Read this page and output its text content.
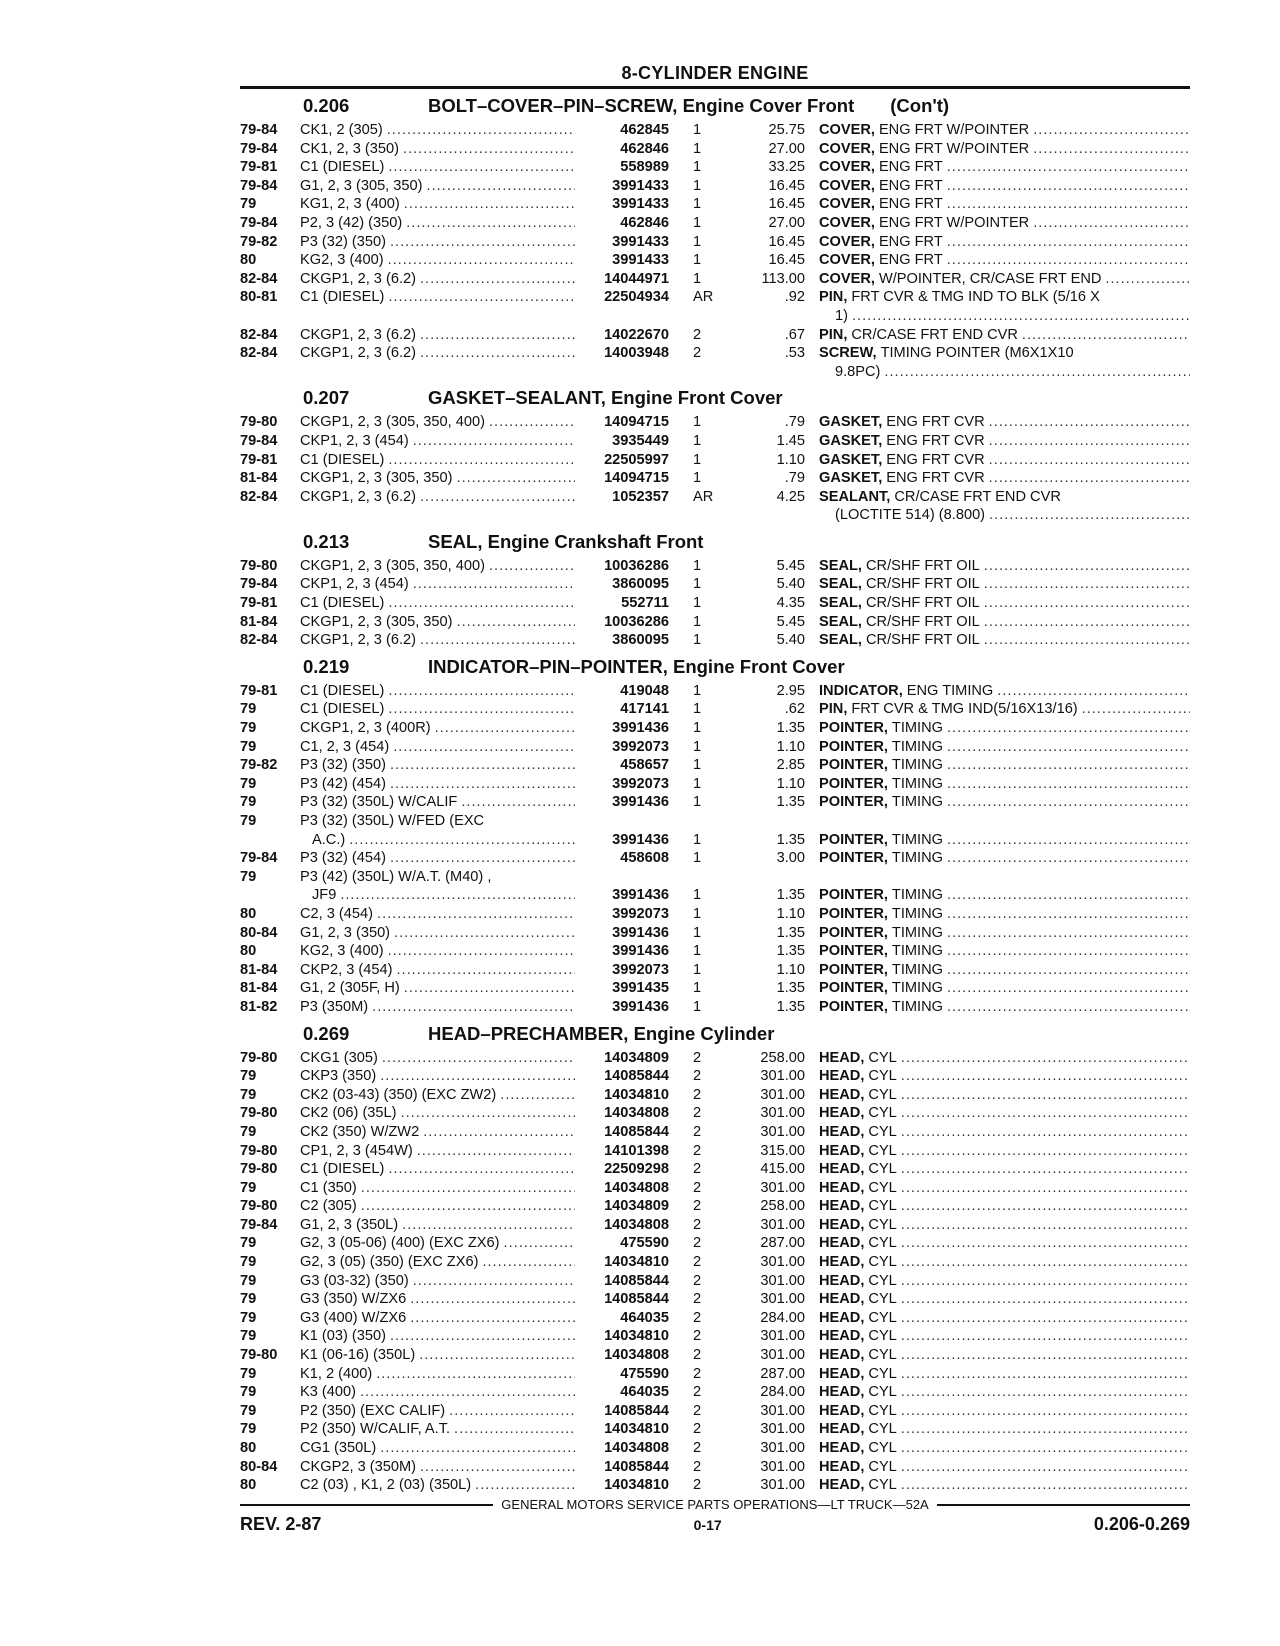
8-CYLINDER ENGINE
0.206	BOLT–COVER–PIN–SCREW, Engine Cover Front (Con't)
79-84	CK1, 2 (305) .....	462845	1	25.75 COVER, ENG FRT W/POINTER
.....
79-84	CK1, 2, 3 (350) .....	462846	1	27.00 COVER, ENG FRT W/POINTER
.....
79-81	C1 (DIESEL) .....	558989	1	33.25 COVER, ENG FRT
.....
79-84	G1, 2, 3 (305, 350) .....	3991433	1	16.45 COVER, ENG FRT
.....
79	KG1, 2, 3 (400) .....	3991433	1	16.45 COVER, ENG FRT
.....
79-84	P2, 3 (42) (350) .....	462846	1	27.00 COVER, ENG FRT W/POINTER
.....
79-82	P3 (32) (350) .....	3991433	1	16.45 COVER, ENG FRT
.....
80	KG2, 3 (400) .....	3991433	1	16.45 COVER, ENG FRT
.....
82-84	CKGP1, 2, 3 (6.2) .....	14044971	1	113.00 COVER, W/POINTER, CR/CASE FRT END
.....
80-81	C1 (DIESEL) .....	22504934	AR	.92 PIN, FRT CVR & TMG IND TO BLK (5/16 X
1)
.....
82-84	CKGP1, 2, 3 (6.2) .....	14022670	2	.67 PIN, CR/CASE FRT END CVR
.....
82-84	CKGP1, 2, 3 (6.2) .....	14003948	2	.53 SCREW, TIMING POINTER (M6X1X10
9.8PC)
.....
0.207	GASKET–SEALANT, Engine Front Cover
79-80	CKGP1, 2, 3 (305, 350, 400) .....	14094715	1	.79 GASKET, ENG FRT CVR
.....
79-84	CKP1, 2, 3 (454) .....	3935449	1	1.45 GASKET, ENG FRT CVR
.....
79-81	C1 (DIESEL) .....	22505997	1	1.10 GASKET, ENG FRT CVR
.....
81-84	CKGP1, 2, 3 (305, 350) .....	14094715	1	.79 GASKET, ENG FRT CVR
.....
82-84	CKGP1, 2, 3 (6.2) .....	1052357	AR	4.25 SEALANT, CR/CASE FRT END CVR
(LOCTITE 514) (8.800)
.....
0.213	SEAL, Engine Crankshaft Front
79-80	CKGP1, 2, 3 (305, 350, 400) .....	10036286	1	5.45 SEAL, CR/SHF FRT OIL
.....
79-84	CKP1, 2, 3 (454) .....	3860095	1	5.40 SEAL, CR/SHF FRT OIL
.....
79-81	C1 (DIESEL) .....	552711	1	4.35 SEAL, CR/SHF FRT OIL
.....
81-84	CKGP1, 2, 3 (305, 350) .....	10036286	1	5.45 SEAL, CR/SHF FRT OIL
.....
82-84	CKGP1, 2, 3 (6.2) .....	3860095	1	5.40 SEAL, CR/SHF FRT OIL
.....
0.219	INDICATOR–PIN–POINTER, Engine Front Cover
79-81	C1 (DIESEL) .....	419048	1	2.95 INDICATOR, ENG TIMING
.....
79	C1 (DIESEL) .....	417141	1	.62 PIN, FRT CVR & TMG IND(5/16X13/16)
.....
79	CKGP1, 2, 3 (400R) .....	3991436	1	1.35 POINTER, TIMING
.....
79	C1, 2, 3 (454) .....	3992073	1	1.10 POINTER, TIMING
.....
79-82	P3 (32) (350) .....	458657	1	2.85 POINTER, TIMING
.....
79	P3 (42) (454) .....	3992073	1	1.10 POINTER, TIMING
.....
79	P3 (32) (350L) W/CALIF .....	3991436	1	1.35 POINTER, TIMING
.....
79	P3 (32) (350L) W/FED (EXC
A.C.) .....	3991436	1	1.35 POINTER, TIMING
.....
79-84	P3 (32) (454) .....	458608	1	3.00 POINTER, TIMING
.....
79	P3 (42) (350L) W/A.T. (M40) ,
JF9 .....	3991436	1	1.35 POINTER, TIMING
.....
80	C2, 3 (454) .....	3992073	1	1.10 POINTER, TIMING
.....
80-84	G1, 2, 3 (350) .....	3991436	1	1.35 POINTER, TIMING
.....
80	KG2, 3 (400) .....	3991436	1	1.35 POINTER, TIMING
.....
81-84	CKP2, 3 (454) .....	3992073	1	1.10 POINTER, TIMING
.....
81-84	G1, 2 (305F, H) .....	3991435	1	1.35 POINTER, TIMING
.....
81-82	P3 (350M) .....	3991436	1	1.35 POINTER, TIMING
.....
0.269	HEAD–PRECHAMBER, Engine Cylinder
79-80	CKG1 (305) .....	14034809	2	258.00 HEAD, CYL
.....
79	CKP3 (350) .....	14085844	2	301.00 HEAD, CYL
.....
79	CK2 (03-43) (350) (EXC ZW2) .....	14034810	2	301.00 HEAD, CYL
.....
79-80	CK2 (06) (35L) .....	14034808	2	301.00 HEAD, CYL
.....
79	CK2 (350) W/ZW2 .....	14085844	2	301.00 HEAD, CYL
.....
79-80	CP1, 2, 3 (454W) .....	14101398	2	315.00 HEAD, CYL
.....
79-80	C1 (DIESEL) .....	22509298	2	415.00 HEAD, CYL
.....
79	C1 (350) .....	14034808	2	301.00 HEAD, CYL
.....
79-80	C2 (305) .....	14034809	2	258.00 HEAD, CYL
.....
79-84	G1, 2, 3 (350L) .....	14034808	2	301.00 HEAD, CYL
.....
79	G2, 3 (05-06) (400) (EXC ZX6) .....	475590	2	287.00 HEAD, CYL
.....
79	G2, 3 (05) (350) (EXC ZX6) .....	14034810	2	301.00 HEAD, CYL
.....
79	G3 (03-32) (350) .....	14085844	2	301.00 HEAD, CYL
.....
79	G3 (350) W/ZX6 .....	14085844	2	301.00 HEAD, CYL
.....
79	G3 (400) W/ZX6 .....	464035	2	284.00 HEAD, CYL
.....
79	K1 (03) (350) .....	14034810	2	301.00 HEAD, CYL
.....
79-80	K1 (06-16) (350L) .....	14034808	2	301.00 HEAD, CYL
.....
79	K1, 2 (400) .....	475590	2	287.00 HEAD, CYL
.....
79	K3 (400) .....	464035	2	284.00 HEAD, CYL
.....
79	P2 (350) (EXC CALIF) .....	14085844	2	301.00 HEAD, CYL
.....
79	P2 (350) W/CALIF, A.T. .....	14034810	2	301.00 HEAD, CYL
.....
80	CG1 (350L) .....	14034808	2	301.00 HEAD, CYL
.....
80-84	CKGP2, 3 (350M) .....	14085844	2	301.00 HEAD, CYL
.....
80	C2 (03) , K1, 2 (03) (350L) .....	14034810	2	301.00 HEAD, CYL
.....
GENERAL MOTORS SERVICE PARTS OPERATIONS—LT TRUCK—52A
REV. 2-87	0-17	0.206-0.269
